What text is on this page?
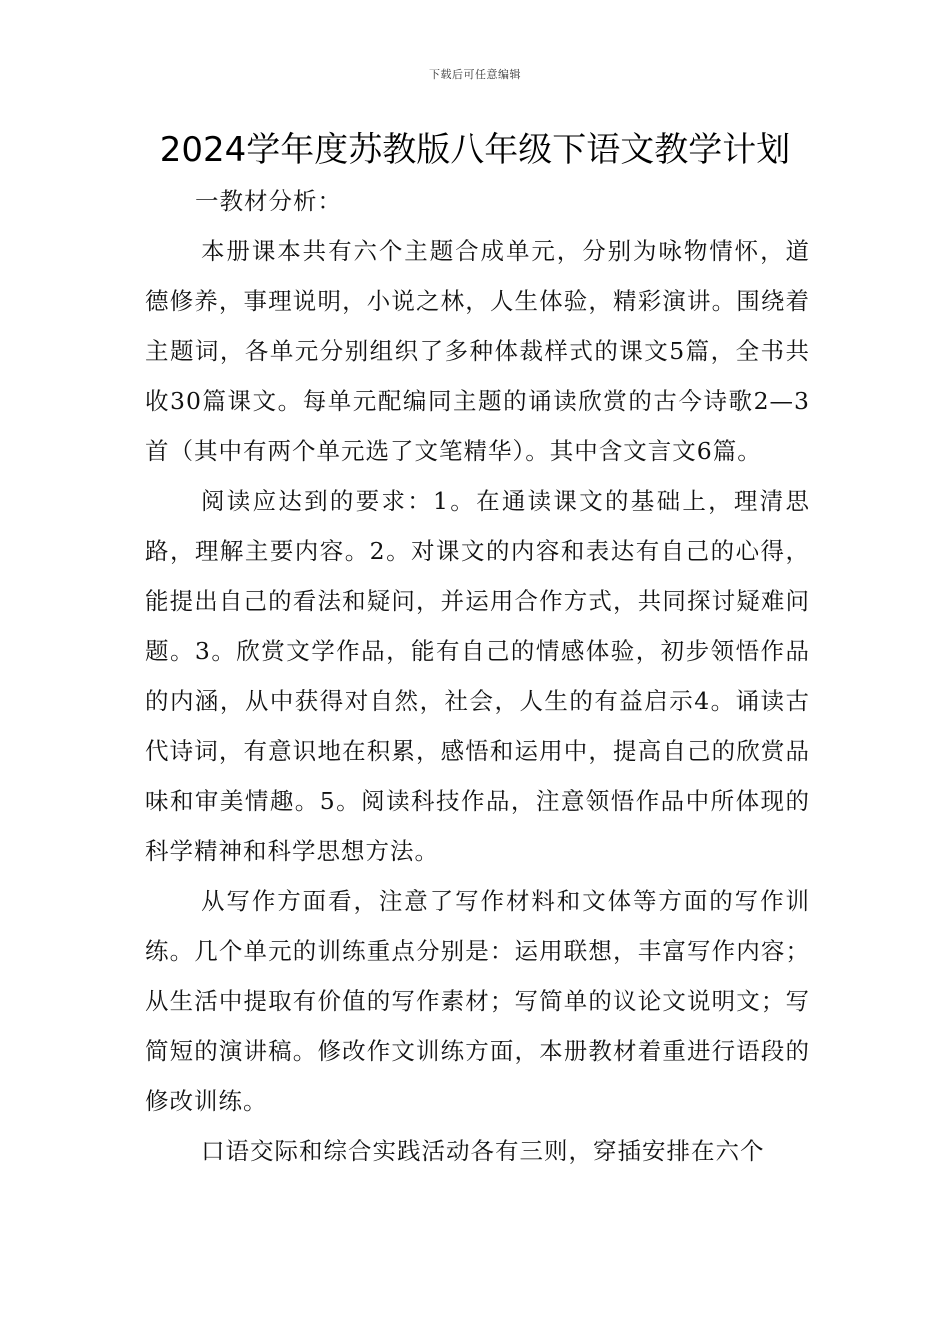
下载后可任意编辑
2024学年度苏教版八年级下语文教学计划

一教材分析：

本册课本共有六个主题合成单元，分别为咏物情怀，道德修养，事理说明，小说之林，人生体验，精彩演讲。围绕着主题词，各单元分别组织了多种体裁样式的课文5篇，全书共收30篇课文。每单元配编同主题的诵读欣赏的古今诗歌2—3首（其中有两个单元选了文笔精华）。其中含文言文6篇。

阅读应达到的要求：1。在通读课文的基础上，理清思路，理解主要内容。2。对课文的内容和表达有自己的心得，能提出自己的看法和疑问，并运用合作方式，共同探讨疑难问题。3。欣赏文学作品，能有自己的情感体验，初步领悟作品的内涵，从中获得对自然，社会，人生的有益启示4。诵读古代诗词，有意识地在积累，感悟和运用中，提高自己的欣赏品味和审美情趣。5。阅读科技作品，注意领悟作品中所体现的科学精神和科学思想方法。

从写作方面看，注意了写作材料和文体等方面的写作训练。几个单元的训练重点分别是：运用联想，丰富写作内容；从生活中提取有价值的写作素材；写简单的议论文说明文；写简短的演讲稿。修改作文训练方面，本册教材着重进行语段的修改训练。

口语交际和综合实践活动各有三则，穿插安排在六个
